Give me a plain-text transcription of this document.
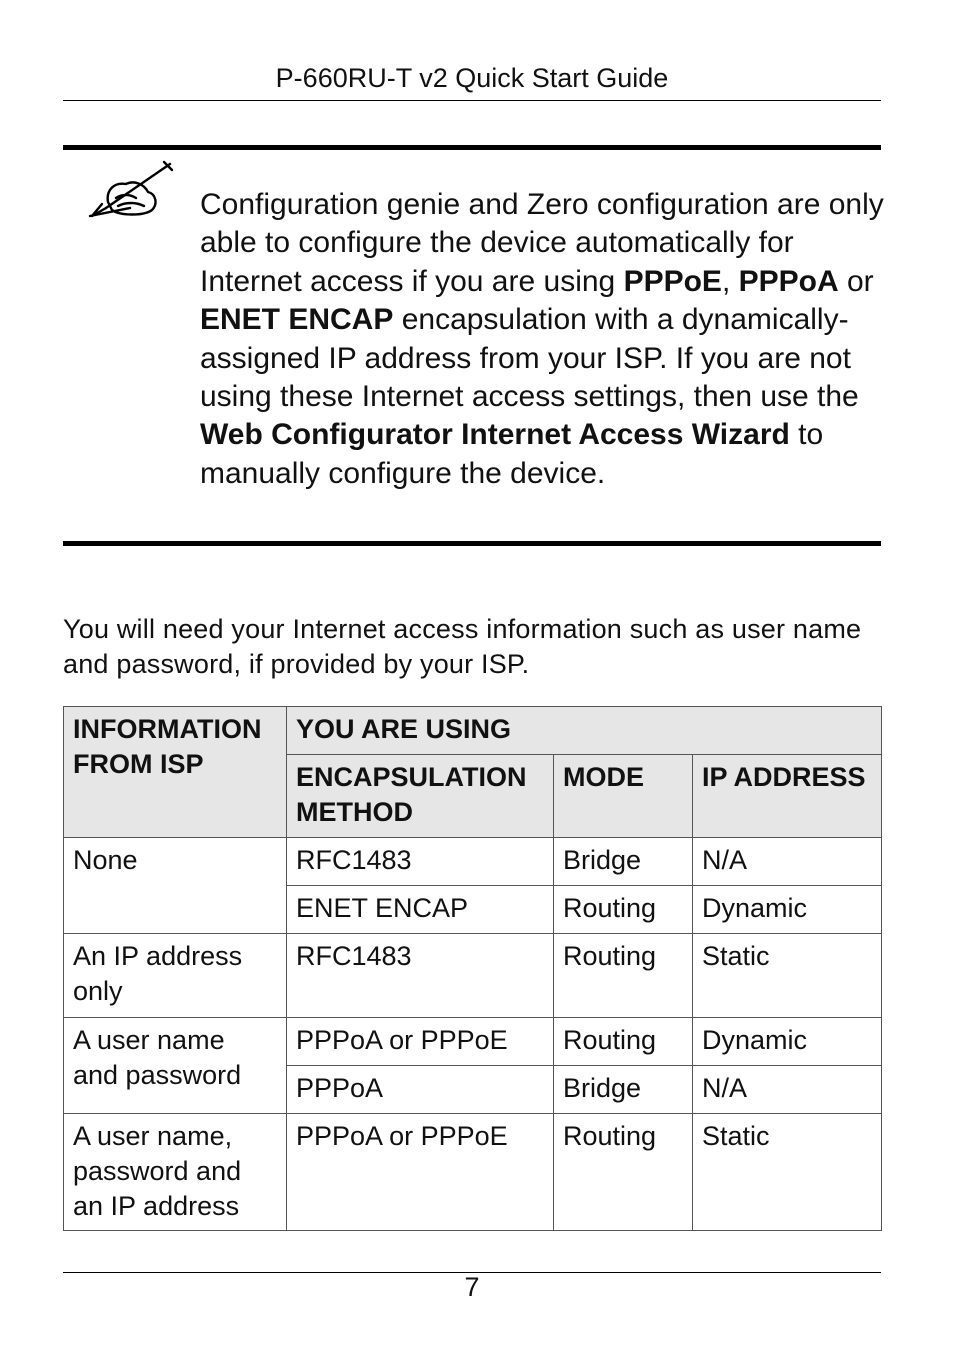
P-660RU-T v2 Quick Start Guide
Configuration genie and Zero configuration are only able to configure the device automatically for Internet access if you are using PPPoE, PPPoA or ENET ENCAP encapsulation with a dynamically-assigned IP address from your ISP. If you are not using these Internet access settings, then use the Web Configurator Internet Access Wizard to manually configure the device.
You will need your Internet access information such as user name and password, if provided by your ISP.
INFORMATION FROM ISP	YOU ARE USING		
	ENCAPSULATION METHOD	MODE	IP ADDRESS
None	RFC1483	Bridge	N/A
	ENET ENCAP	Routing	Dynamic
An IP address only	RFC1483	Routing	Static
A user name and password	PPPoA or PPPoE	Routing	Dynamic
	PPPoA	Bridge	N/A
A user name, password and an IP address	PPPoA or PPPoE	Routing	Static
7
